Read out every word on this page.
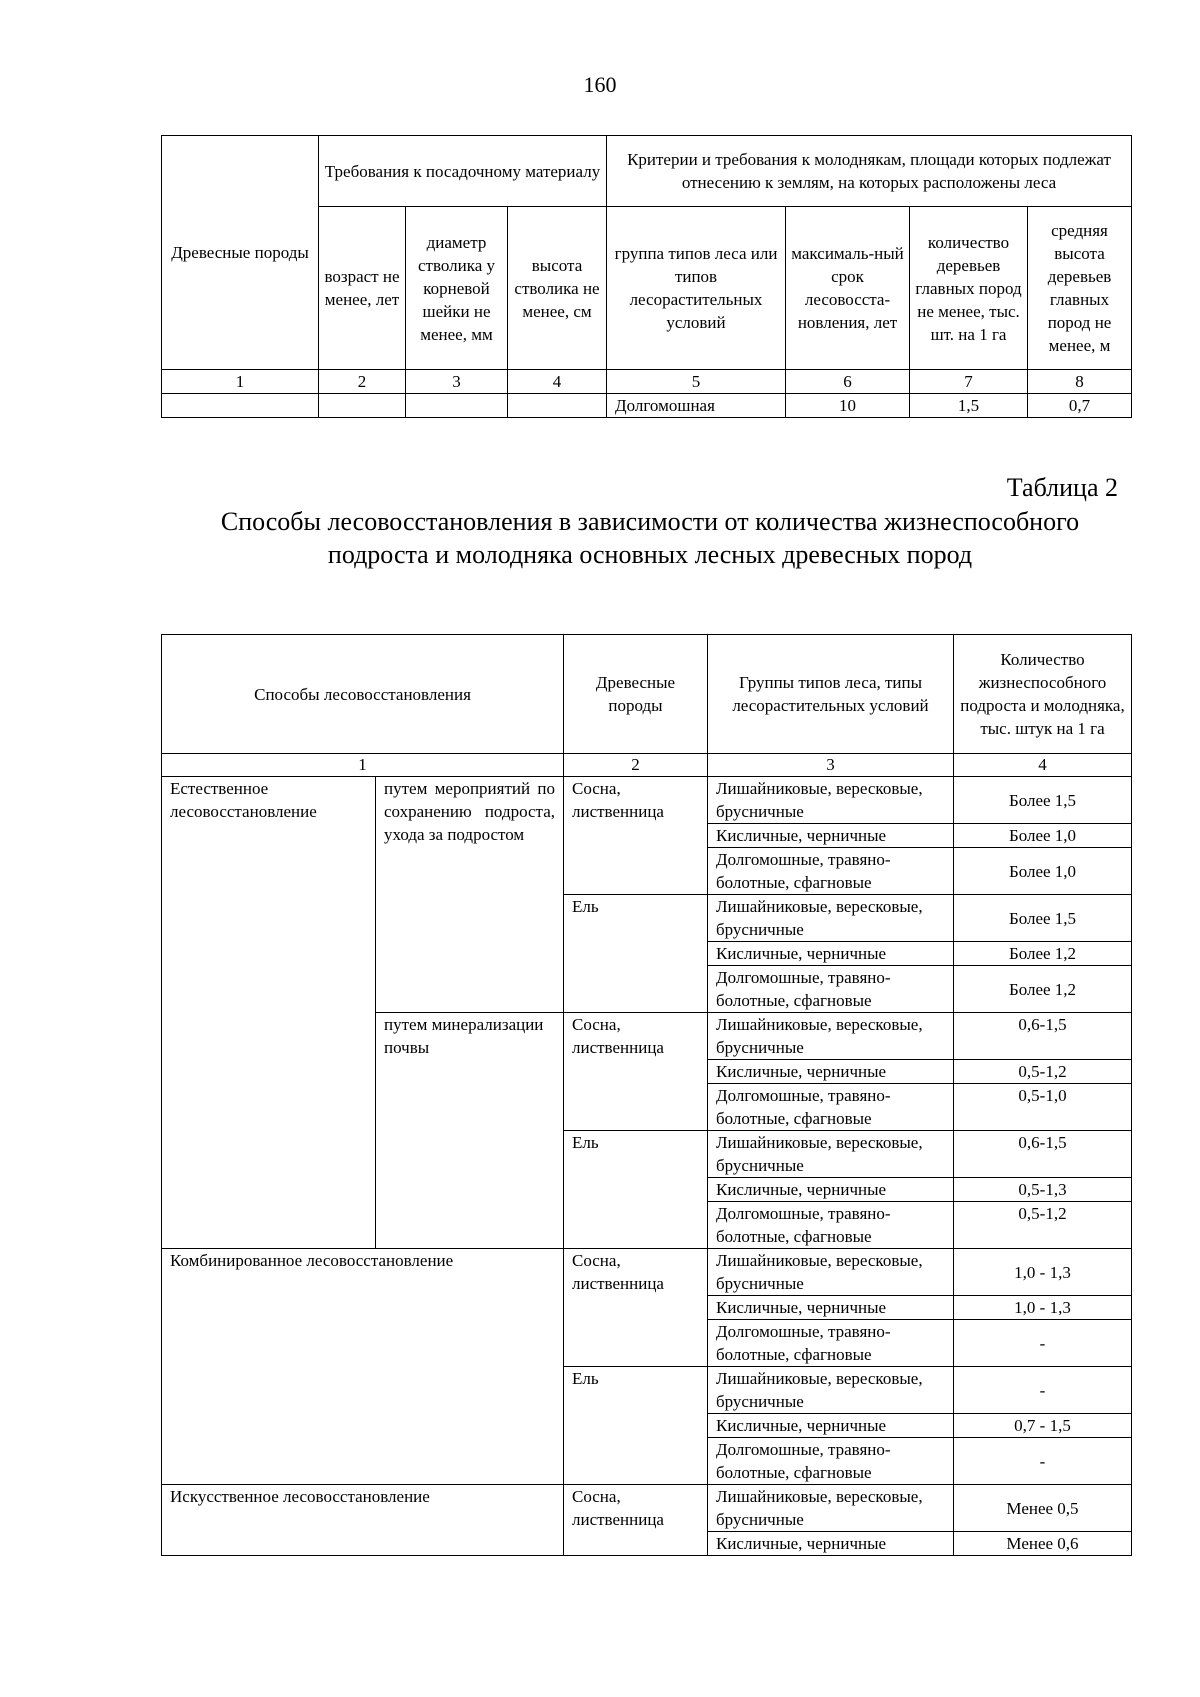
160
Древесные породы	Требования к посадочному материалу			Критерии и требования к молоднякам, площади которых подлежат отнесению к землям, на которых расположены леса			
	возраст не менее, лет	диаметр стволика у корневой шейки не менее, мм	высота стволика не менее, см	группа типов леса или типов лесорастительных условий	максималь-ный срок лесовосста-новления, лет	количество деревьев главных пород не менее, тыс. шт. на 1 га	средняя высота деревьев главных пород не менее, м
1	2	3	4	5	6	7	8
				Долгомошная	10	1,5	0,7
Таблица 2
Способы лесовосстановления в зависимости от количества жизнеспособного подроста и молодняка основных лесных древесных пород
Способы лесовосстановления		Древесные породы	Группы типов леса, типы лесорастительных условий	Количество жизнеспособного подроста и молодняка, тыс. штук на 1 га
1		2	3	4
Естественное лесовосстановление	путем мероприятий по сохранению подроста, ухода за подростом	Сосна, лиственница	Лишайниковые, вересковые, брусничные	Более 1,5
			Кисличные, черничные	Более 1,0
			Долгомошные, травяно-болотные, сфагновые	Более 1,0
		Ель	Лишайниковые, вересковые, брусничные	Более 1,5
			Кисличные, черничные	Более 1,2
			Долгомошные, травяно-болотные, сфагновые	Более 1,2
	путем минерализации почвы	Сосна, лиственница	Лишайниковые, вересковые, брусничные	0,6-1,5
			Кисличные, черничные	0,5-1,2
			Долгомошные, травяно-болотные, сфагновые	0,5-1,0
		Ель	Лишайниковые, вересковые, брусничные	0,6-1,5
			Кисличные, черничные	0,5-1,3
			Долгомошные, травяно-болотные, сфагновые	0,5-1,2
Комбинированное лесовосстановление		Сосна, лиственница	Лишайниковые, вересковые, брусничные	1,0 - 1,3
			Кисличные, черничные	1,0 - 1,3
			Долгомошные, травяно-болотные, сфагновые	-
		Ель	Лишайниковые, вересковые, брусничные	-
			Кисличные, черничные	0,7 - 1,5
			Долгомошные, травяно-болотные, сфагновые	-
Искусственное лесовосстановление		Сосна, лиственница	Лишайниковые, вересковые, брусничные	Менее 0,5
			Кисличные, черничные	Менее 0,6
